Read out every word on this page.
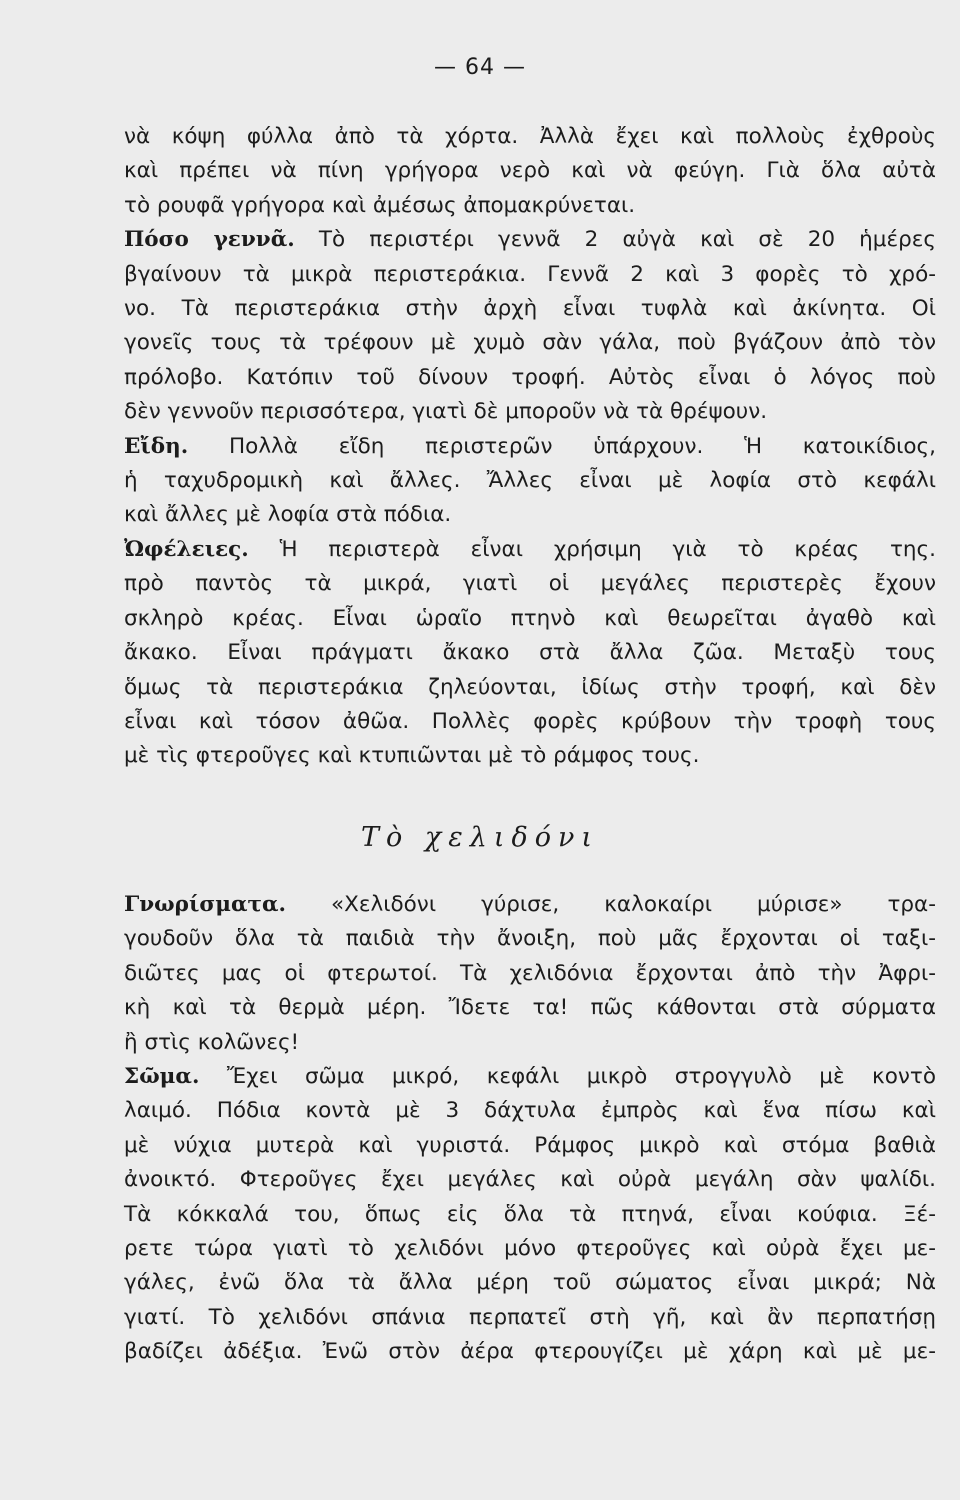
— 64 —

νὰ κόψη φύλλα ἀπὸ τὰ χόρτα. Ἀλλὰ ἔχει καὶ πολλοὺς ἐχθροὺς

καὶ πρέπει νὰ πίνη γρήγορα νερὸ καὶ νὰ φεύγη. Γιὰ ὅλα αὐτὰ

τὸ ρουφᾶ γρήγορα καὶ ἀμέσως ἀπομακρύνεται.

Πόσο γεννᾶ. Τὸ περιστέρι γεννᾶ 2 αὐγὰ καὶ σὲ 20 ἡμέρες

βγαίνουν τὰ μικρὰ περιστεράκια. Γεννᾶ 2 καὶ 3 φορὲς τὸ χρό-

νο. Τὰ περιστεράκια στὴν ἀρχὴ εἶναι τυφλὰ καὶ ἀκίνητα. Οἱ

γονεῖς τους τὰ τρέφουν μὲ χυμὸ σὰν γάλα, ποὺ βγάζουν ἀπὸ τὸν

πρόλοβο. Κατόπιν τοῦ δίνουν τροφή. Αὐτὸς εἶναι ὁ λόγος ποὺ

δὲν γεννοῦν περισσότερα, γιατὶ δὲ μποροῦν νὰ τὰ θρέψουν.

Εἴδη. Πολλὰ εἴδη περιστερῶν ὑπάρχουν. Ἡ κατοικίδιος,

ἡ ταχυδρομικὴ καὶ ἄλλες. Ἄλλες εἶναι μὲ λοφία στὸ κεφάλι

καὶ ἄλλες μὲ λοφία στὰ πόδια.

Ὠφέλειες. Ἡ περιστερὰ εἶναι χρήσιμη γιὰ τὸ κρέας της.

πρὸ παντὸς τὰ μικρά, γιατὶ οἱ μεγάλες περιστερὲς ἔχουν

σκληρὸ κρέας. Εἶναι ὡραῖο πτηνὸ καὶ θεωρεῖται ἀγαθὸ καὶ

ἄκακο. Εἶναι πράγματι ἄκακο στὰ ἄλλα ζῶα. Μεταξὺ τους

ὅμως τὰ περιστεράκια ζηλεύονται, ἰδίως στὴν τροφή, καὶ δὲν

εἶναι καὶ τόσον ἀθῶα. Πολλὲς φορὲς κρύβουν τὴν τροφὴ τους

μὲ τὶς φτεροῦγες καὶ κτυπιῶνται μὲ τὸ ράμφος τους.

Τὸ χελιδόνι

Γνωρίσματα. «Χελιδόνι γύρισε, καλοκαίρι μύρισε» τρα-

γουδοῦν ὅλα τὰ παιδιὰ τὴν ἄνοιξη, ποὺ μᾶς ἔρχονται οἱ ταξι-

διῶτες μας οἱ φτερωτοί. Τὰ χελιδόνια ἔρχονται ἀπὸ τὴν Ἀφρι-

κὴ καὶ τὰ θερμὰ μέρη. Ἴδετε τα! πῶς κάθονται στὰ σύρματα

ἢ στὶς κολῶνες!

Σῶμα. Ἔχει σῶμα μικρό, κεφάλι μικρὸ στρογγυλὸ μὲ κοντὸ

λαιμό. Πόδια κοντὰ μὲ 3 δάχτυλα ἐμπρὸς καὶ ἕνα πίσω καὶ

μὲ νύχια μυτερὰ καὶ γυριστά. Ράμφος μικρὸ καὶ στόμα βαθιὰ

ἀνοικτό. Φτεροῦγες ἔχει μεγάλες καὶ οὐρὰ μεγάλη σὰν ψαλίδι.

Τὰ κόκκαλά του, ὅπως εἰς ὅλα τὰ πτηνά, εἶναι κούφια. Ξέ-

ρετε τώρα γιατὶ τὸ χελιδόνι μόνο φτεροῦγες καὶ οὐρὰ ἔχει με-

γάλες, ἐνῶ ὅλα τὰ ἄλλα μέρη τοῦ σώματος εἶναι μικρά; Νὰ

γιατί. Τὸ χελιδόνι σπάνια περπατεῖ στὴ γῆ, καὶ ἂν περπατήσῃ

βαδίζει ἀδέξια. Ἐνῶ στὸν ἀέρα φτερουγίζει μὲ χάρη καὶ μὲ με-
